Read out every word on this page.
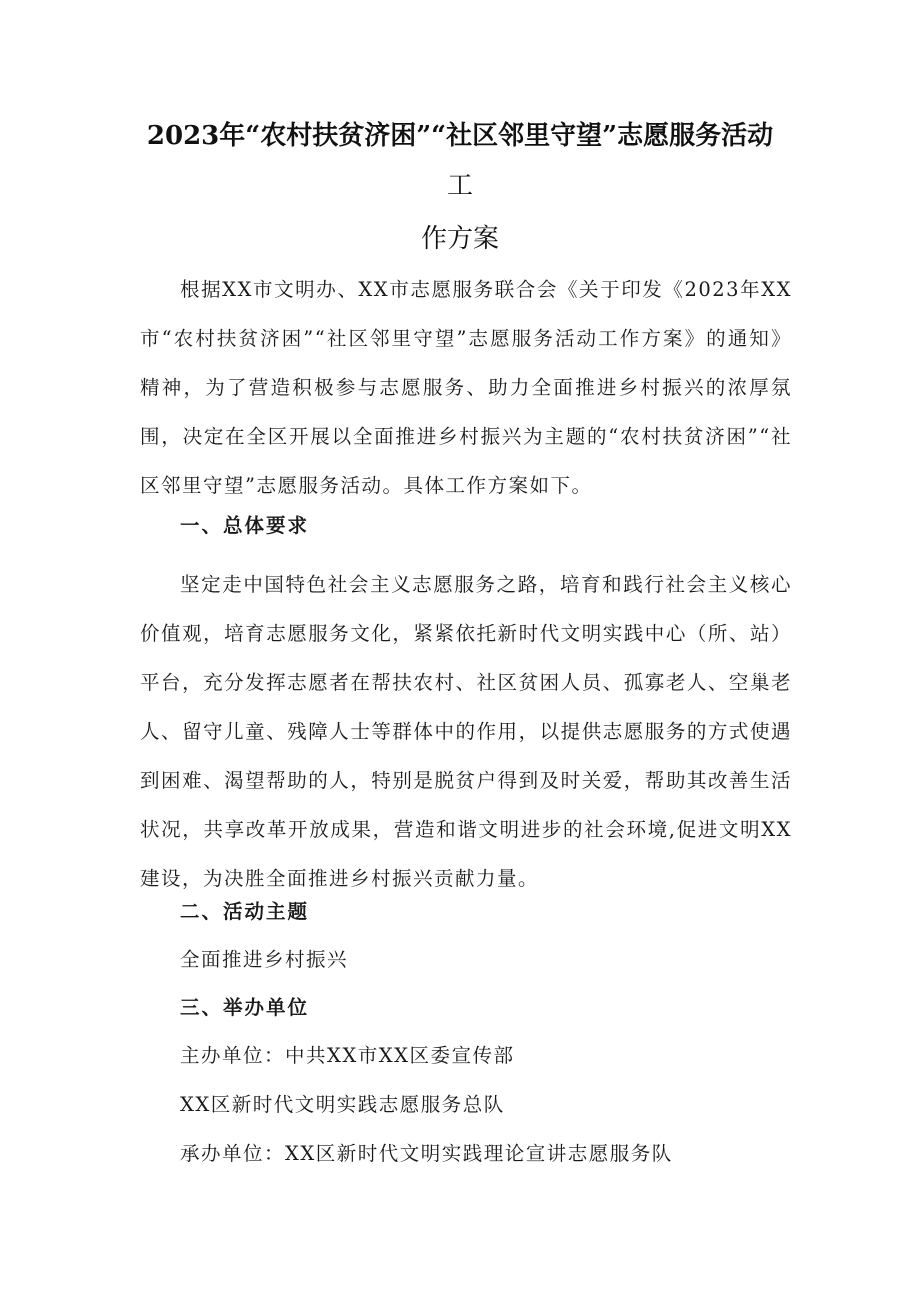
2023年“农村扶贫济困”“社区邻里守望”志愿服务活动
工
作方案

根据XX市文明办、XX市志愿服务联合会《关于印发《2023年XX市“农村扶贫济困”“社区邻里守望”志愿服务活动工作方案》的通知》精神，为了营造积极参与志愿服务、助力全面推进乡村振兴的浓厚氛围，决定在全区开展以全面推进乡村振兴为主题的“农村扶贫济困”“社区邻里守望”志愿服务活动。具体工作方案如下。

一、总体要求

坚定走中国特色社会主义志愿服务之路，培育和践行社会主义核心价值观，培育志愿服务文化，紧紧依托新时代文明实践中心（所、站）平台，充分发挥志愿者在帮扶农村、社区贫困人员、孤寡老人、空巢老人、留守儿童、残障人士等群体中的作用，以提供志愿服务的方式使遇到困难、渴望帮助的人，特别是脱贫户得到及时关爱，帮助其改善生活状况，共享改革开放成果，营造和谐文明进步的社会环境,促进文明XX建设，为决胜全面推进乡村振兴贡献力量。

二、活动主题

全面推进乡村振兴

三、举办单位

主办单位：中共XX市XX区委宣传部

XX区新时代文明实践志愿服务总队

承办单位：XX区新时代文明实践理论宣讲志愿服务队
